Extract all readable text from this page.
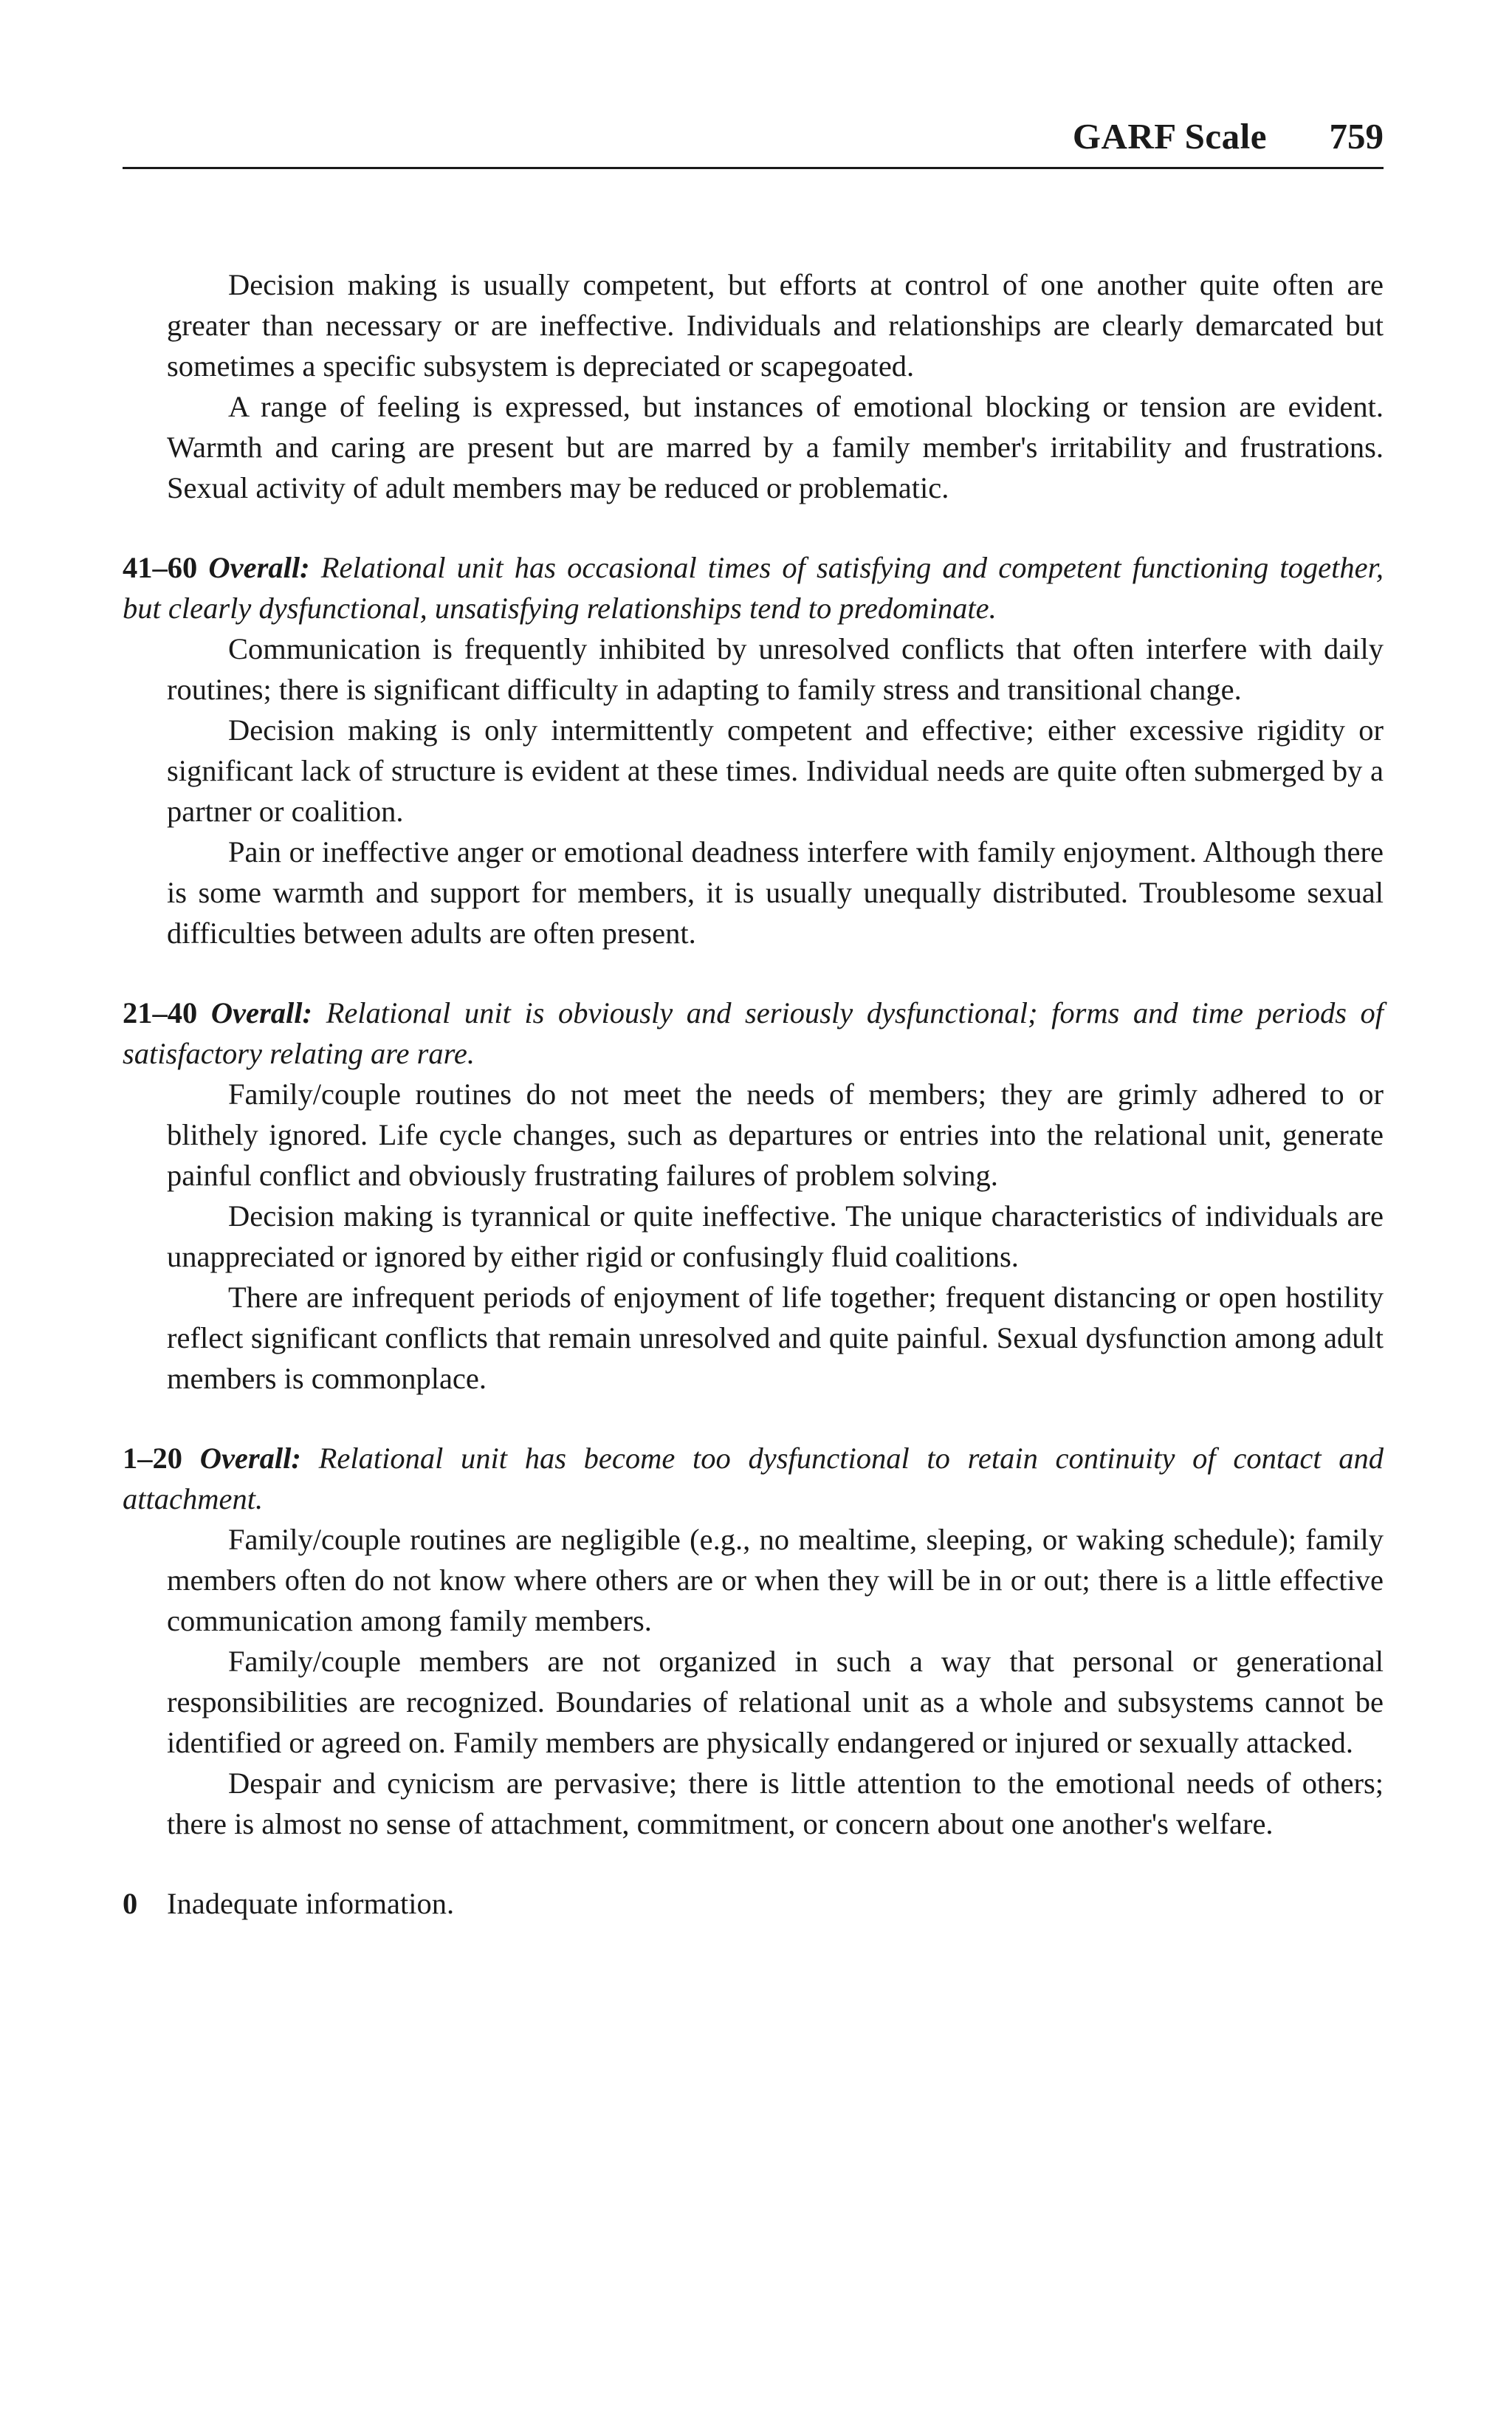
GARF Scale 759

Decision making is usually competent, but efforts at control of one another quite often are greater than necessary or are ineffective. Individuals and relationships are clearly demarcated but sometimes a specific subsystem is depreciated or scapegoated.

A range of feeling is expressed, but instances of emotional blocking or tension are evident. Warmth and caring are present but are marred by a family member's irritability and frustrations. Sexual activity of adult members may be reduced or problematic.

41–60 Overall: Relational unit has occasional times of satisfying and competent functioning together, but clearly dysfunctional, unsatisfying relationships tend to predominate.

Communication is frequently inhibited by unresolved conflicts that often interfere with daily routines; there is significant difficulty in adapting to family stress and transitional change.

Decision making is only intermittently competent and effective; either excessive rigidity or significant lack of structure is evident at these times. Individual needs are quite often submerged by a partner or coalition.

Pain or ineffective anger or emotional deadness interfere with family enjoyment. Although there is some warmth and support for members, it is usually unequally distributed. Troublesome sexual difficulties between adults are often present.

21–40 Overall: Relational unit is obviously and seriously dysfunctional; forms and time periods of satisfactory relating are rare.

Family/couple routines do not meet the needs of members; they are grimly adhered to or blithely ignored. Life cycle changes, such as departures or entries into the relational unit, generate painful conflict and obviously frustrating failures of problem solving.

Decision making is tyrannical or quite ineffective. The unique characteristics of individuals are unappreciated or ignored by either rigid or confusingly fluid coalitions.

There are infrequent periods of enjoyment of life together; frequent distancing or open hostility reflect significant conflicts that remain unresolved and quite painful. Sexual dysfunction among adult members is commonplace.

1–20 Overall: Relational unit has become too dysfunctional to retain continuity of contact and attachment.

Family/couple routines are negligible (e.g., no mealtime, sleeping, or waking schedule); family members often do not know where others are or when they will be in or out; there is a little effective communication among family members.

Family/couple members are not organized in such a way that personal or generational responsibilities are recognized. Boundaries of relational unit as a whole and subsystems cannot be identified or agreed on. Family members are physically endangered or injured or sexually attacked.

Despair and cynicism are pervasive; there is little attention to the emotional needs of others; there is almost no sense of attachment, commitment, or concern about one another's welfare.

0 Inadequate information.
